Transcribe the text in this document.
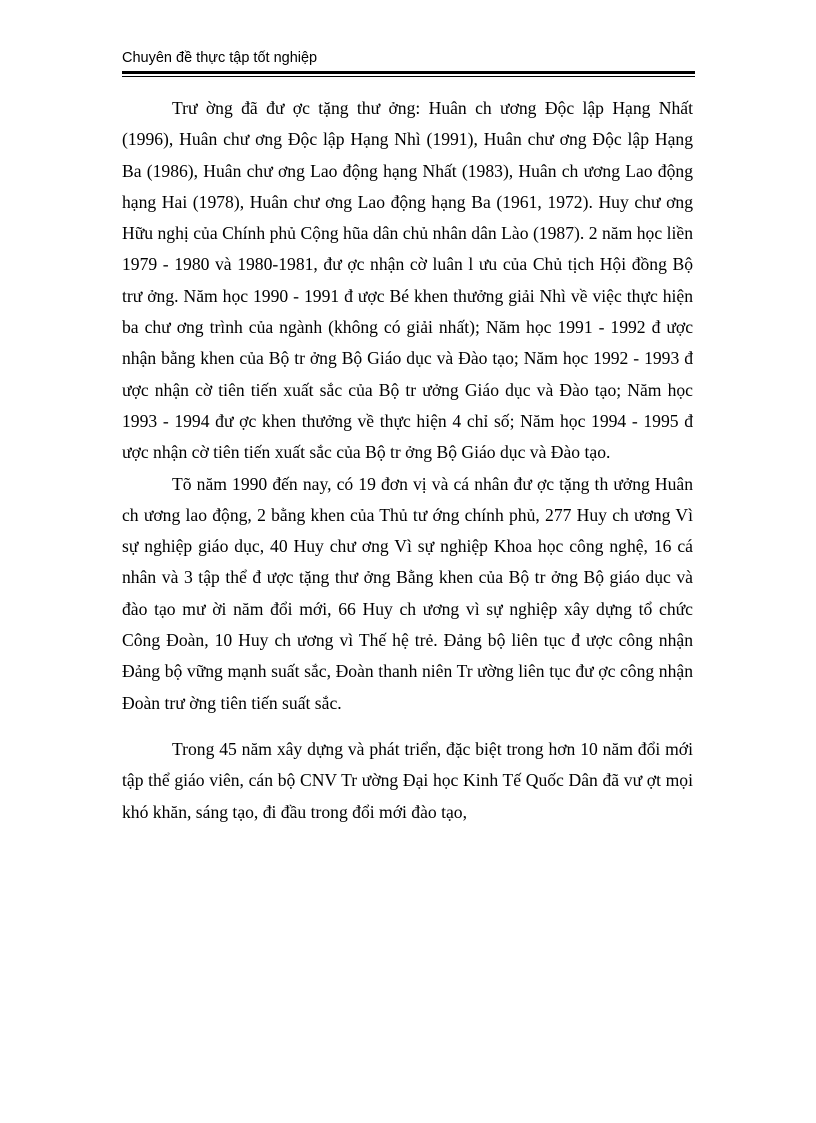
Chuyên đề thực tập tốt nghiệp

Trư ờng đã đư ợc tặng thư ởng: Huân ch ương Độc lập Hạng Nhất (1996), Huân chư ơng Độc lập Hạng Nhì (1991), Huân chư ơng Độc lập Hạng Ba (1986), Huân chư ơng Lao động hạng Nhất (1983), Huân ch ương Lao động hạng Hai (1978), Huân chư ơng Lao động hạng Ba (1961, 1972). Huy chư ơng Hữu nghị của Chính phủ Cộng hũa dân chủ nhân dân Lào (1987). 2 năm học liền 1979 - 1980 và 1980-1981, đư ợc nhận cờ luân l ưu của Chủ tịch Hội đồng Bộ trư ởng. Năm học 1990 - 1991 đ ược Bé khen thưởng giải Nhì về việc thực hiện ba chư ơng trình của ngành (không có giải nhất); Năm học 1991 - 1992 đ ược nhận bằng khen của Bộ tr ởng Bộ Giáo dục và Đào tạo; Năm học 1992 - 1993 đ ược nhận cờ tiên tiến xuất sắc của Bộ tr ưởng Giáo dục và Đào tạo; Năm học 1993 - 1994 đư ợc khen thưởng về thực hiện 4 chỉ số; Năm học 1994 - 1995 đ ược nhận cờ tiên tiến xuất sắc của Bộ tr ởng Bộ Giáo dục và Đào tạo.

Tõ năm 1990 đến nay, có 19 đơn vị và cá nhân đư ợc tặng th ưởng Huân ch ương lao động, 2 bằng khen của Thủ tư ớng chính phủ, 277 Huy ch ương Vì sự nghiệp giáo dục, 40 Huy chư ơng Vì sự nghiệp Khoa học công nghệ, 16 cá nhân và 3 tập thể đ ược tặng thư ởng Bằng khen của Bộ tr ởng Bộ giáo dục và đào tạo mư ời năm đổi mới, 66 Huy ch ương vì sự nghiệp xây dựng tổ chức Công Đoàn, 10 Huy ch ương vì Thế hệ trẻ. Đảng bộ liên tục đ ược công nhận Đảng bộ vững mạnh suất sắc, Đoàn thanh niên Tr ường liên tục đư ợc công nhận Đoàn trư ờng tiên tiến suất sắc.

Trong 45 năm xây dựng và phát triển, đặc biệt trong hơn 10 năm đổi mới tập thể giáo viên, cán bộ CNV Tr ường Đại học Kinh Tế Quốc Dân đã vư ợt mọi khó khăn, sáng tạo, đi đầu trong đổi mới đào tạo,
